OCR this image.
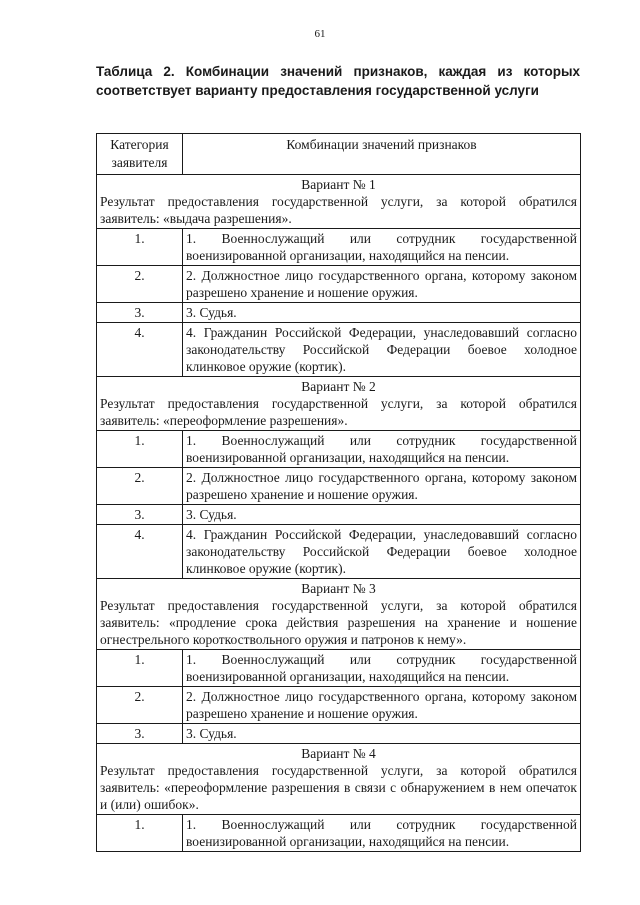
61
Таблица 2. Комбинации значений признаков, каждая из которых соответствует варианту предоставления государственной услуги
Категория заявителя	Комбинации значений признаков

Вариант № 1
Результат предоставления государственной услуги, за которой обратился заявитель: «выдача разрешения».	

1.	1. Военнослужащий или сотрудник государственной военизированной организации, находящийся на пенсии.
2.	2. Должностное лицо государственного органа, которому законом разрешено хранение и ношение оружия.
3.	3. Судья.
4.	4. Гражданин Российской Федерации, унаследовавший согласно законодательству Российской Федерации боевое холодное клинковое оружие (кортик).

Вариант № 2
Результат предоставления государственной услуги, за которой обратился заявитель: «переоформление разрешения».	

1.	1. Военнослужащий или сотрудник государственной военизированной организации, находящийся на пенсии.
2.	2. Должностное лицо государственного органа, которому законом разрешено хранение и ношение оружия.
3.	3. Судья.
4.	4. Гражданин Российской Федерации, унаследовавший согласно законодательству Российской Федерации боевое холодное клинковое оружие (кортик).

Вариант № 3
Результат предоставления государственной услуги, за которой обратился заявитель: «продление срока действия разрешения на хранение и ношение огнестрельного короткоствольного оружия и патронов к нему».	

1.	1. Военнослужащий или сотрудник государственной военизированной организации, находящийся на пенсии.
2.	2. Должностное лицо государственного органа, которому законом разрешено хранение и ношение оружия.
3.	3. Судья.

Вариант № 4
Результат предоставления государственной услуги, за которой обратился заявитель: «переоформление разрешения в связи с обнаружением в нем опечаток и (или) ошибок».	

1.	1. Военнослужащий или сотрудник государственной военизированной организации, находящийся на пенсии.
